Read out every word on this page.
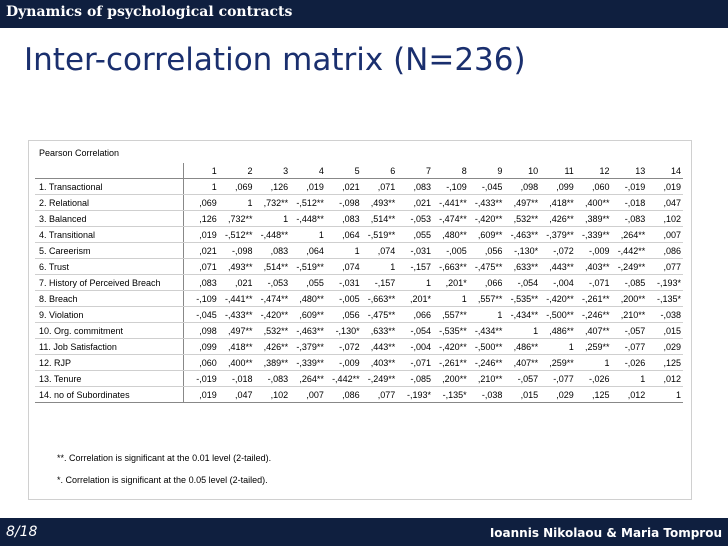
Dynamics of psychological contracts
Inter-correlation matrix (N=236)
Pearson Correlation
	1	2	3	4	5	6	7	8	9	10	11	12	13	14
1. Transactional	1	,069	,126	,019	,021	,071	,083	-,109	-,045	,098	,099	,060	-,019	,019
2. Relational	,069	1	,732**	-,512**	-,098	,493**	,021	-,441**	-,433**	,497**	,418**	,400**	-,018	,047
3. Balanced	,126	,732**	1	-,448**	,083	,514**	-,053	-,474**	-,420**	,532**	,426**	,389**	-,083	,102
4. Transitional	,019	-,512**	-,448**	1	,064	-,519**	,055	,480**	,609**	-,463**	-,379**	-,339**	,264**	,007
5. Careerism	,021	-,098	,083	,064	1	,074	-,031	-,005	,056	-,130*	-,072	-,009	-,442**	,086
6. Trust	,071	,493**	,514**	-,519**	,074	1	-,157	-,663**	-,475**	,633**	,443**	,403**	-,249**	,077
7. History of Perceived Breach	,083	,021	-,053	,055	-,031	-,157	1	,201*	,066	-,054	-,004	-,071	-,085	-,193*
8. Breach	-,109	-,441**	-,474**	,480**	-,005	-,663**	,201*	1	,557**	-,535**	-,420**	-,261**	,200**	-,135*
9. Violation	-,045	-,433**	-,420**	,609**	,056	-,475**	,066	,557**	1	-,434**	-,500**	-,246**	,210**	-,038
10. Org. commitment	,098	,497**	,532**	-,463**	-,130*	,633**	-,054	-,535**	-,434**	1	,486**	,407**	-,057	,015
11. Job Satisfaction	,099	,418**	,426**	-,379**	-,072	,443**	-,004	-,420**	-,500**	,486**	1	,259**	-,077	,029
12. RJP	,060	,400**	,389**	-,339**	-,009	,403**	-,071	-,261**	-,246**	,407**	,259**	1	-,026	,125
13. Tenure	-,019	-,018	-,083	,264**	-,442**	-,249**	-,085	,200**	,210**	-,057	-,077	-,026	1	,012
14. no of Subordinates	,019	,047	,102	,007	,086	,077	-,193*	-,135*	-,038	,015	,029	,125	,012	1
**. Correlation is significant at the 0.01 level (2-tailed).
*. Correlation is significant at the 0.05 level (2-tailed).
8/18	Ioannis Nikolaou & Maria Tomprou
